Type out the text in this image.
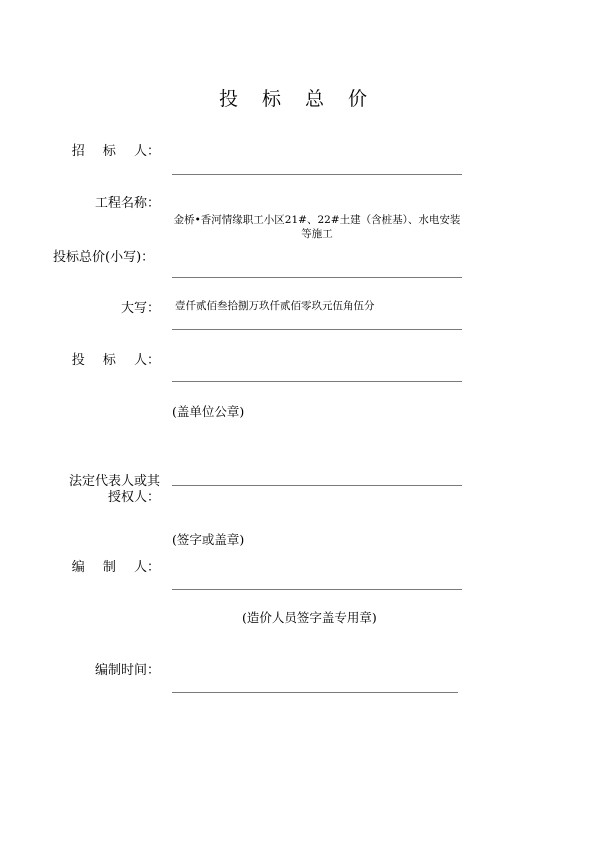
投 标 总 价
招 标 人：
工程名称：
金桥•香河情缘职工小区21#、22#土建（含桩基）、水电安装等施工
投标总价(小写)：
大写： 壹仟贰佰叁拾捌万玖仟贰佰零玖元伍角伍分
投 标 人：
(盖单位公章)
法定代表人或其
授权人：
(签字或盖章)
编 制 人：
(造价人员签字盖专用章)
编制时间：
